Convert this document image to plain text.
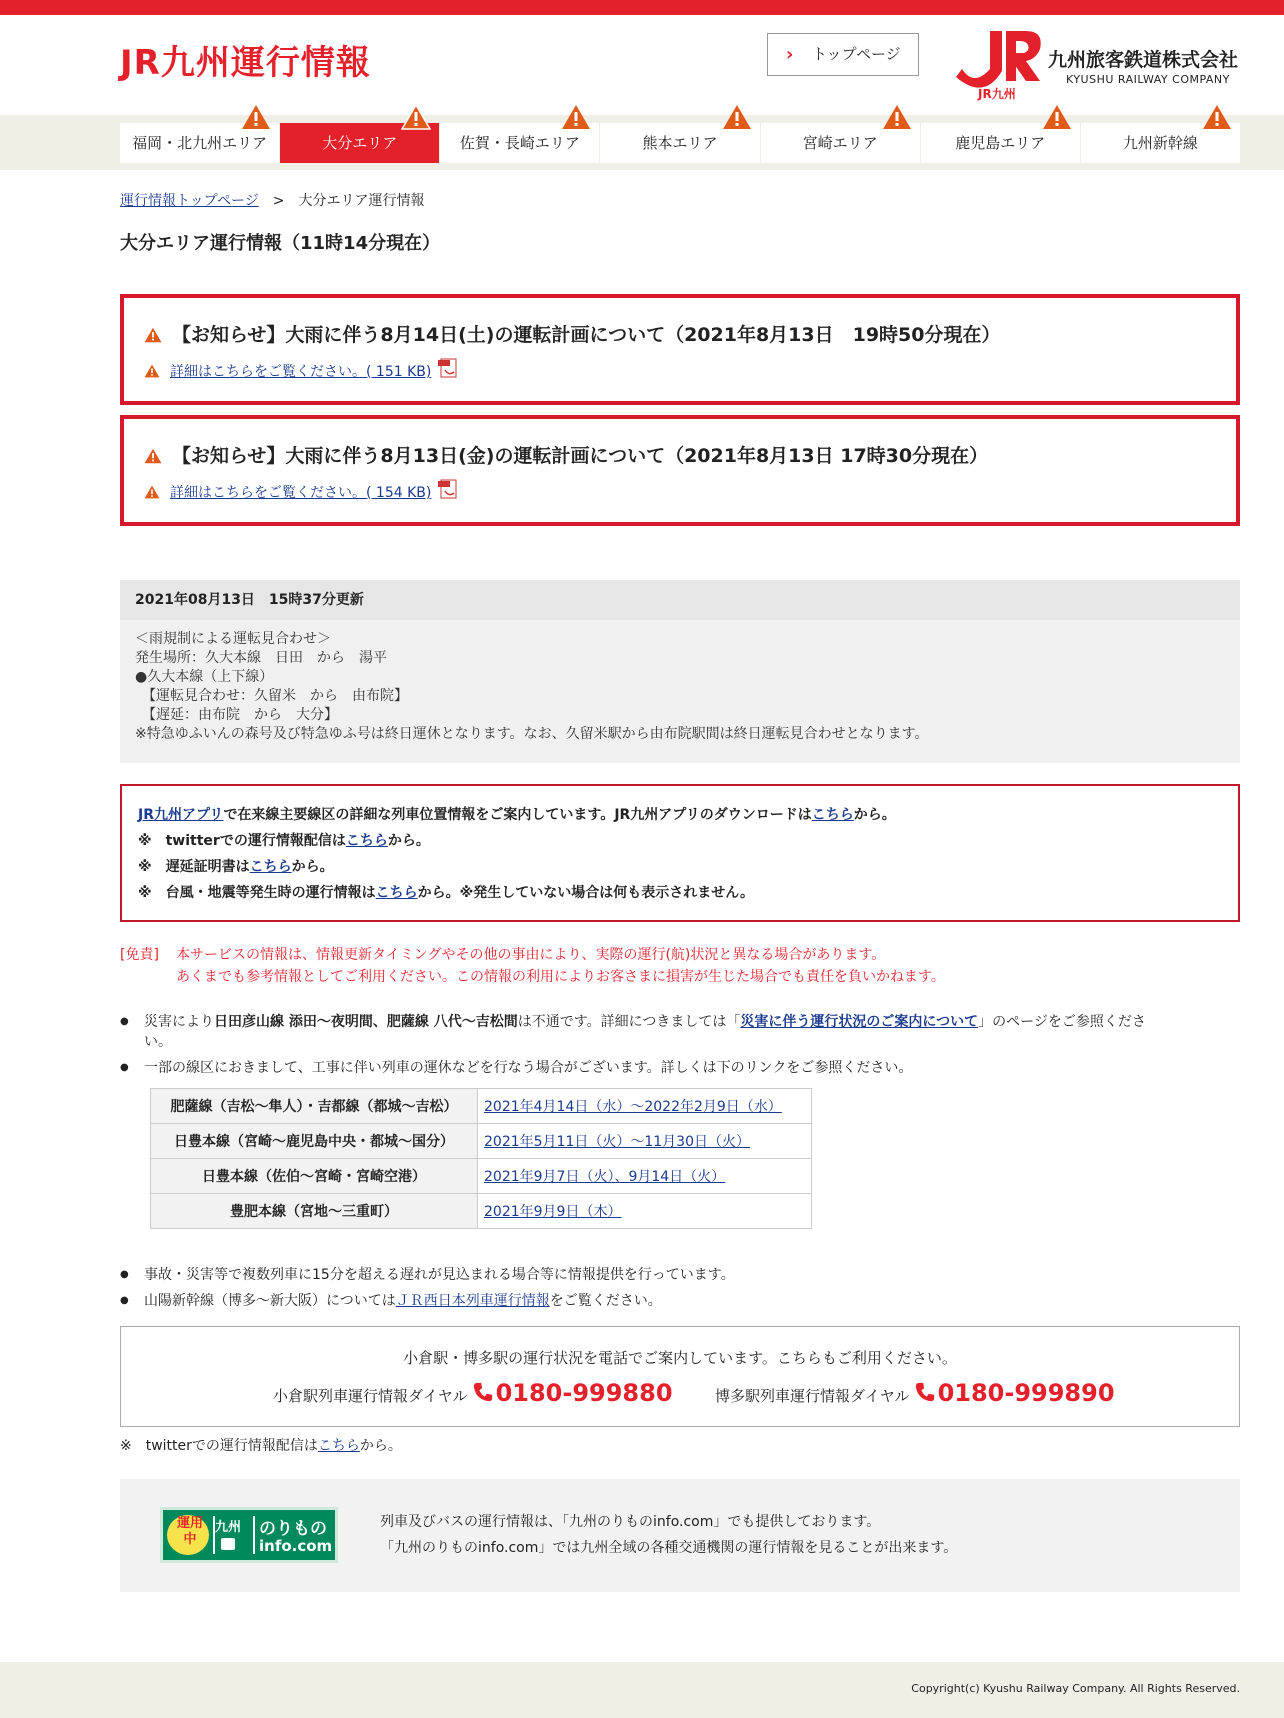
JR九州運行情報	› トップページ
JR九州
九州旅客鉄道株式会社
KYUSHU RAILWAY COMPANY
福岡・北九州エリア	大分エリア	佐賀・長崎エリア	熊本エリア	宮崎エリア	鹿児島エリア	九州新幹線
運行情報トップページ > 大分エリア運行情報
大分エリア運行情報（11時14分現在）
【お知らせ】大雨に伴う8月14日(土)の運転計画について（2021年8月13日　19時50分現在）
詳細はこちらをご覧ください。( 151 KB)
【お知らせ】大雨に伴う8月13日(金)の運転計画について（2021年8月13日 17時30分現在）
詳細はこちらをご覧ください。( 154 KB)
2021年08月13日　15時37分更新
＜雨規制による運転見合わせ＞
発生場所：久大本線　日田　から　湯平
●久大本線（上下線）
　【運転見合わせ：久留米　から　由布院】
　【遅延：由布院　から　大分】
※特急ゆふいんの森号及び特急ゆふ号は終日運休となります。なお、久留米駅から由布院駅間は終日運転見合わせとなります。
JR九州アプリで在来線主要線区の詳細な列車位置情報をご案内しています。JR九州アプリのダウンロードはこちらから。
※　twitterでの運行情報配信はこちらから。
※　遅延証明書はこちらから。
※　台風・地震等発生時の運行情報はこちらから。※発生していない場合は何も表示されません。
[免責] 本サービスの情報は、情報更新タイミングやその他の事由により、実際の運行(航)状況と異なる場合があります。
あくまでも参考情報としてご利用ください。この情報の利用によりお客さまに損害が生じた場合でも責任を負いかねます。
● 災害により日田彦山線 添田～夜明間、肥薩線 八代～吉松間は不通です。詳細につきましては「災害に伴う運行状況のご案内について」のページをご参照くださ
い。
● 一部の線区におきまして、工事に伴い列車の運休などを行なう場合がございます。詳しくは下のリンクをご参照ください。
肥薩線（吉松～隼人）・吉都線（都城～吉松）	2021年4月14日（水）～2022年2月9日（水）
日豊本線（宮崎～鹿児島中央・都城～国分）	2021年5月11日（火）～11月30日（火）
日豊本線（佐伯～宮崎・宮崎空港）	2021年9月7日（火）、9月14日（火）
豊肥本線（宮地～三重町）	2021年9月9日（木）
● 事故・災害等で複数列車に15分を超える遅れが見込まれる場合等に情報提供を行っています。
● 山陽新幹線（博多～新大阪）についてはＪＲ西日本列車運行情報をご覧ください。
小倉駅・博多駅の運行状況を電話でご案内しています。こちらもご利用ください。
小倉駅列車運行情報ダイヤル 0180-999880	博多駅列車運行情報ダイヤル 0180-999890
※　twitterでの運行情報配信はこちらから。
運用中
九州 のりもの
info.com
列車及びバスの運行情報は、「九州のりものinfo.com」でも提供しております。
「九州のりものinfo.com」では九州全域の各種交通機関の運行情報を見ることが出来ます。
Copyright(c) Kyushu Railway Company. All Rights Reserved.
